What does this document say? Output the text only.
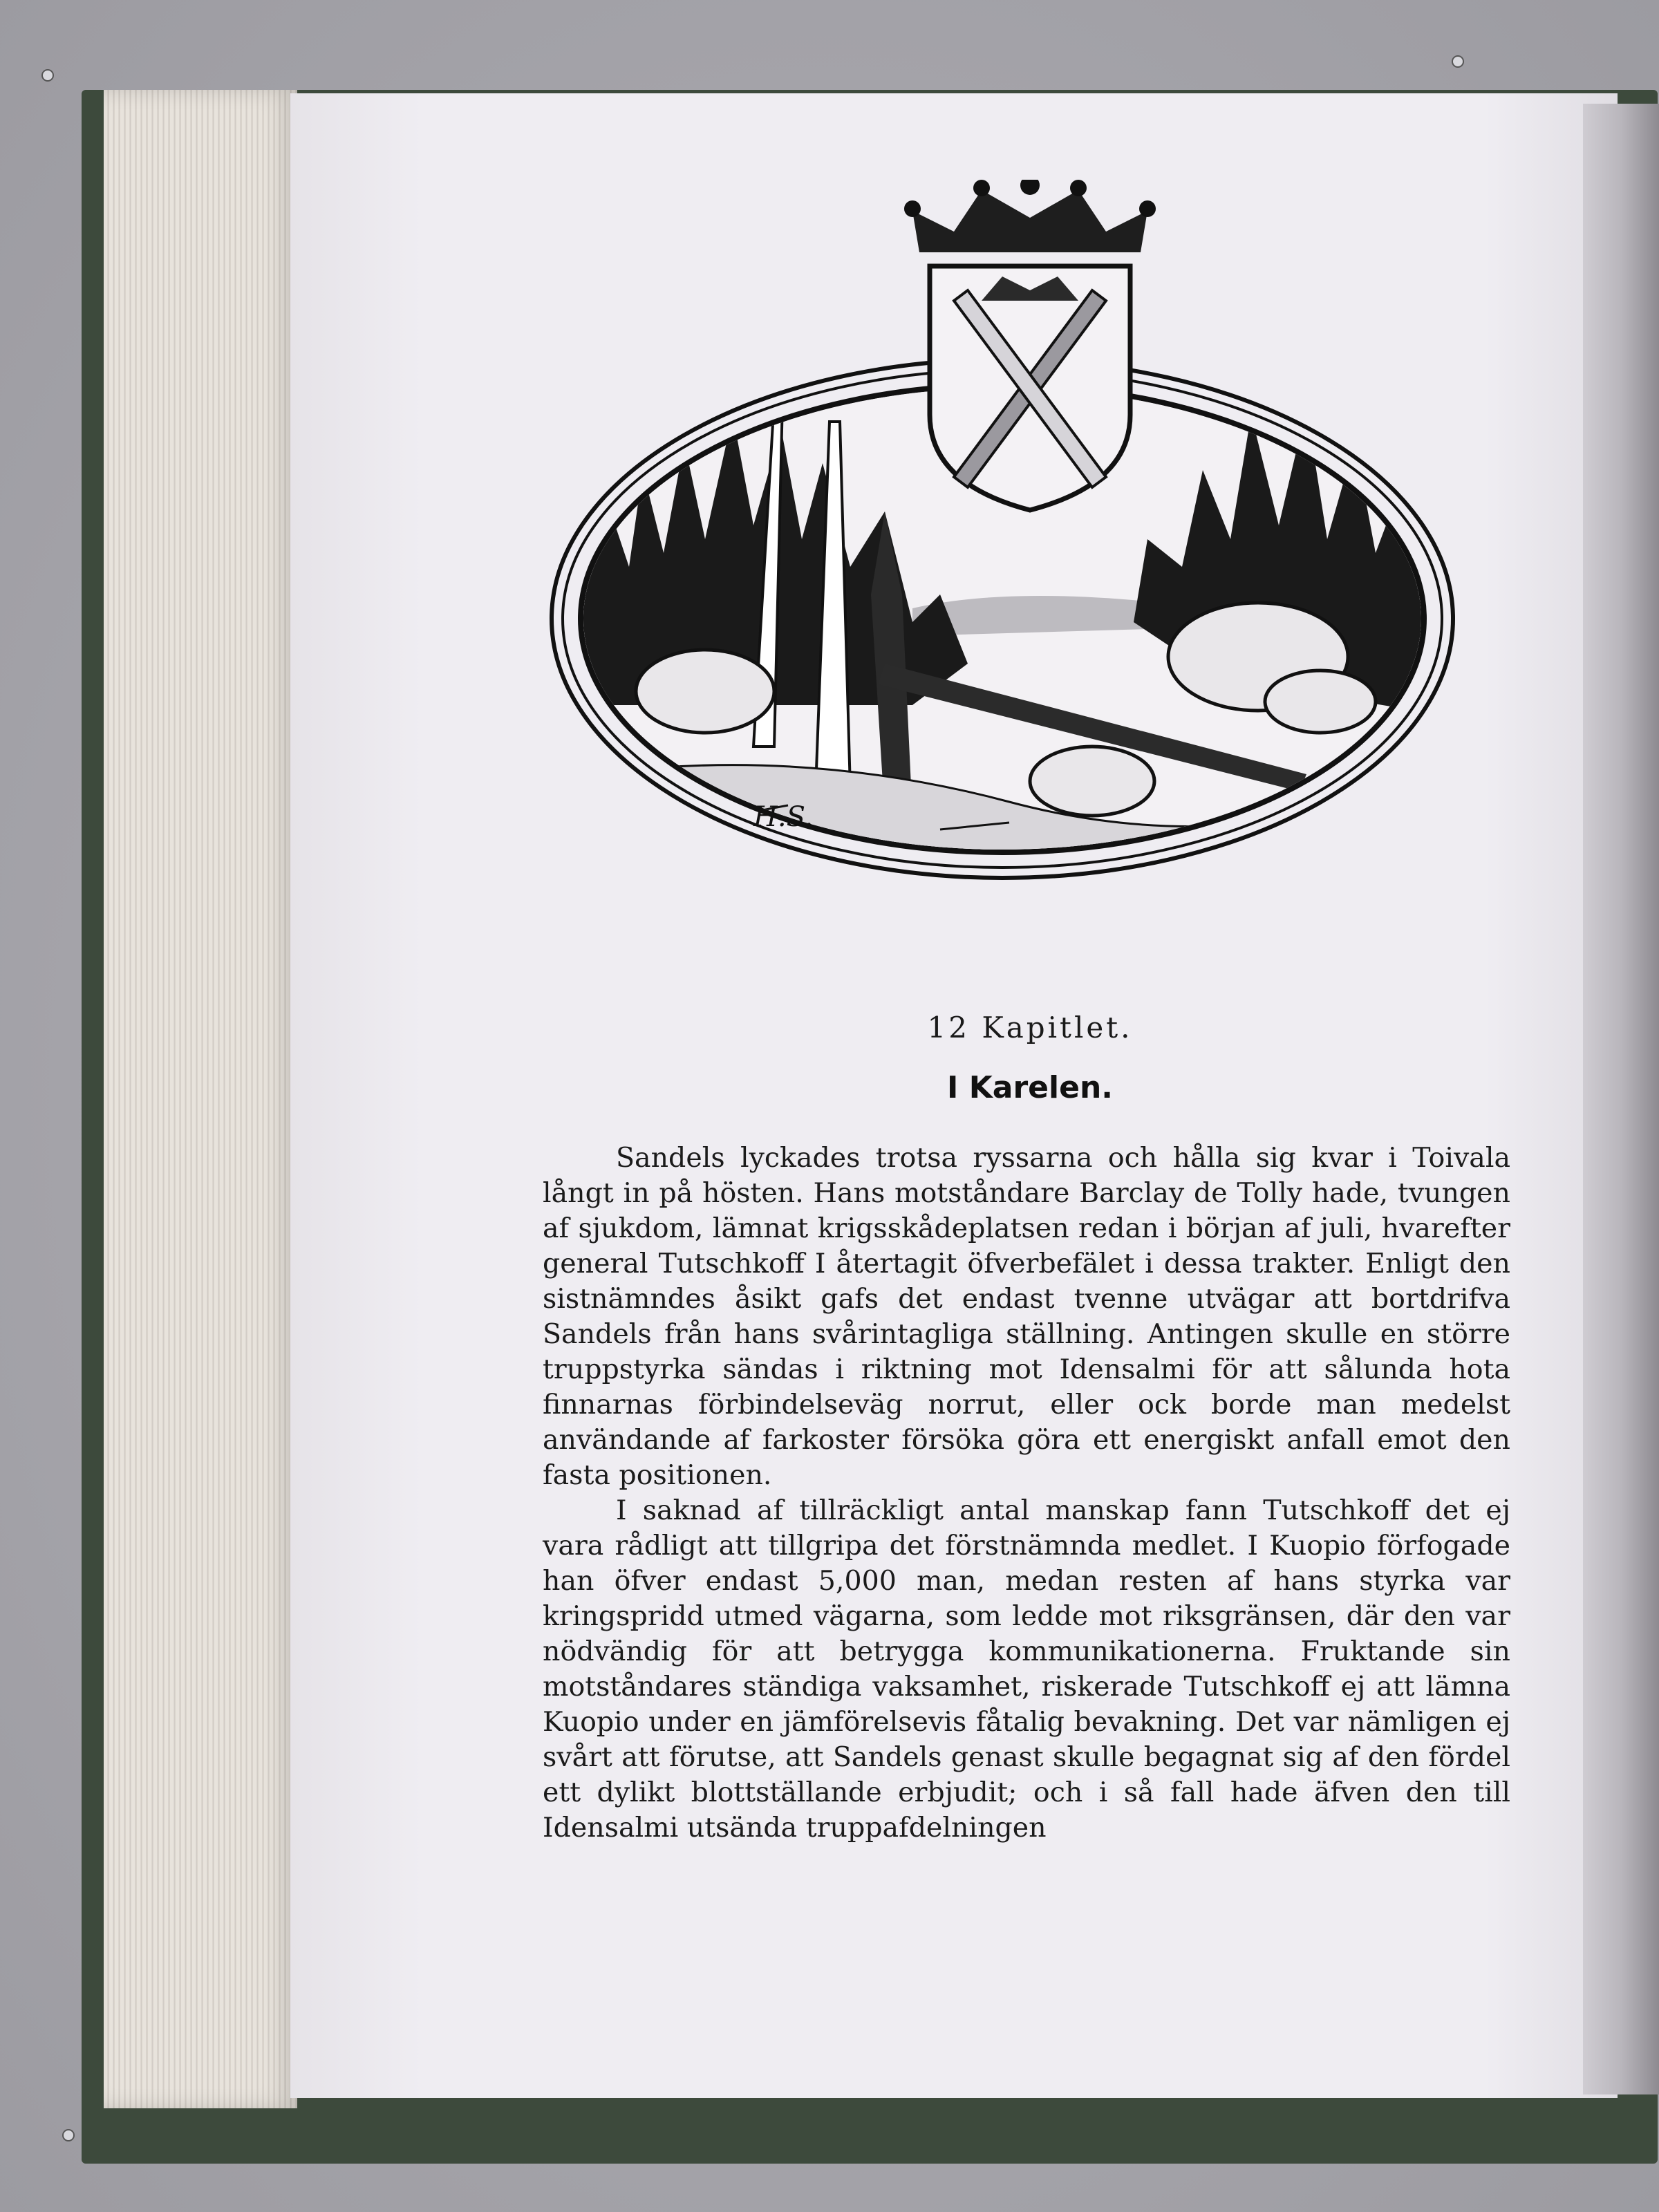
H.S.
12 Kapitlet.
I Karelen.

Sandels lyckades trotsa ryssarna och hålla sig kvar i Toivala långt in på hösten. Hans motståndare Barclay de Tolly hade, tvungen af sjukdom, lämnat krigsskådeplatsen redan i början af juli, hvarefter general Tutschkoff I återtagit öfverbefälet i dessa trakter. Enligt den sistnämndes åsikt gafs det endast tvenne utvägar att bortdrifva Sandels från hans svårintagliga ställning. Antingen skulle en större truppstyrka sändas i riktning mot Idensalmi för att sålunda hota finnarnas förbindelseväg norrut, eller ock borde man medelst användande af farkoster försöka göra ett energiskt anfall emot den fasta positionen.

I saknad af tillräckligt antal manskap fann Tutschkoff det ej vara rådligt att tillgripa det förstnämnda medlet. I Kuopio förfogade han öfver endast 5,000 man, medan resten af hans styrka var kringspridd utmed vägarna, som ledde mot riksgränsen, där den var nödvändig för att betrygga kommunikationerna. Fruktande sin motståndares ständiga vaksamhet, riskerade Tutschkoff ej att lämna Kuopio under en jämförelsevis fåtalig bevakning. Det var nämligen ej svårt att förutse, att Sandels genast skulle begagnat sig af den fördel ett dylikt blottställande erbjudit; och i så fall hade äfven den till Idensalmi utsända truppafdelningen
